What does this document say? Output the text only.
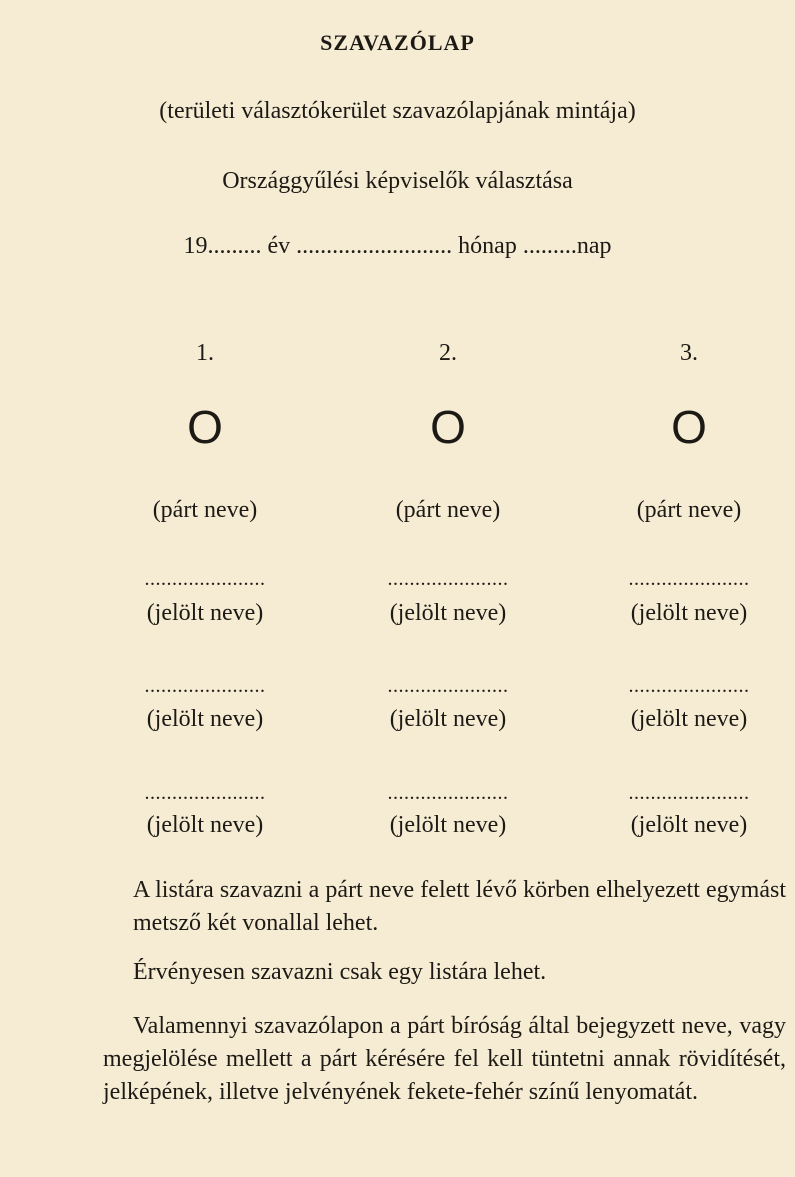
SZAVAZÓLAP
(területi választókerület szavazólapjának mintája)
Országgyűlési képviselők választása
19......... év .......................... hónap .........nap
1.
O
(párt neve)
......................
(jelölt neve)
......................
(jelölt neve)
......................
(jelölt neve)
2.
O
(párt neve)
......................
(jelölt neve)
......................
(jelölt neve)
......................
(jelölt neve)
3.
O
(párt neve)
......................
(jelölt neve)
......................
(jelölt neve)
......................
(jelölt neve)
A listára szavazni a párt neve felett lévő körben elhelyezett egymást metsző két vonallal lehet.
Érvényesen szavazni csak egy listára lehet.
Valamennyi szavazólapon a párt bíróság által bejegyzett neve, vagy megjelölése mellett a párt kérésére fel kell tüntetni annak rövidítését, jelképének, illetve jelvényének fekete-fehér színű lenyomatát.
